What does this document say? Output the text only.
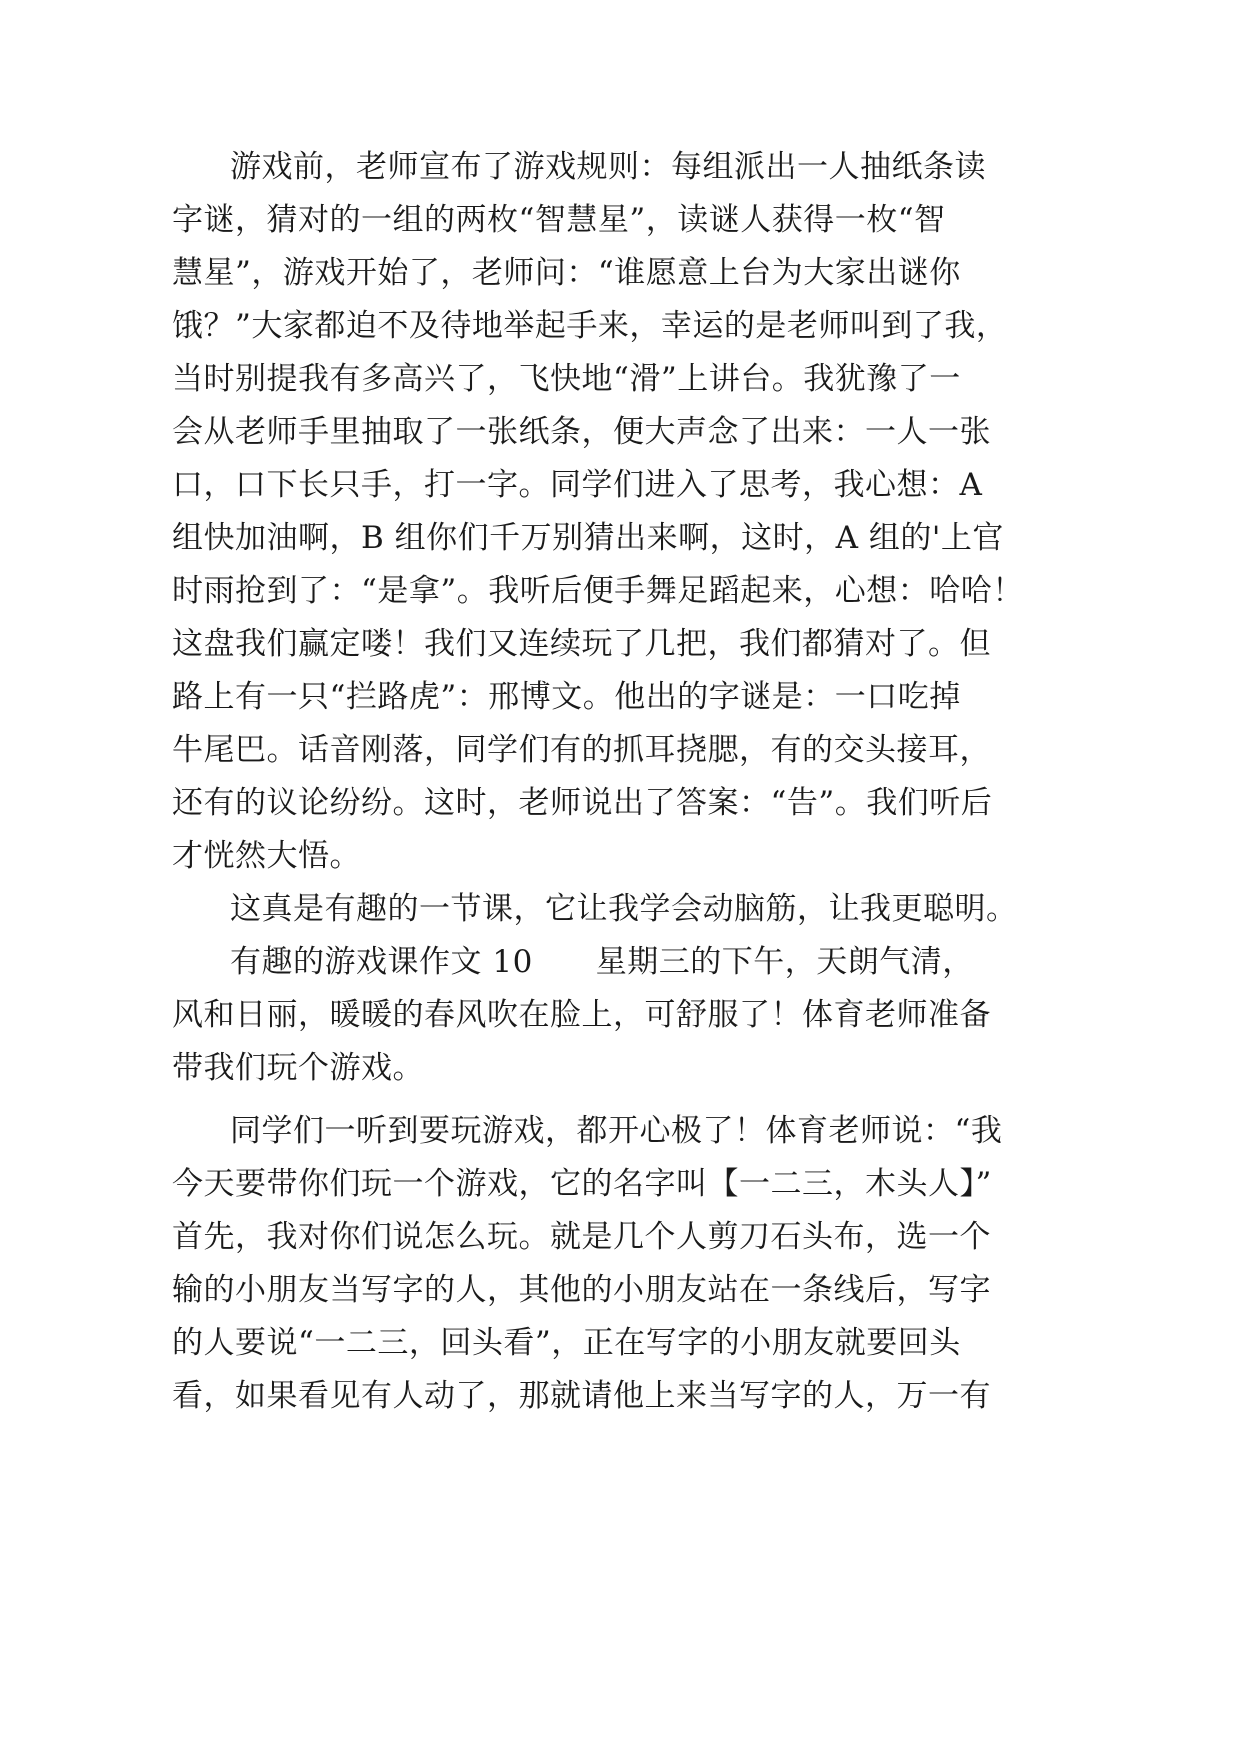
游戏前，老师宣布了游戏规则：每组派出一人抽纸条读
字谜，猜对的一组的两枚“智慧星”，读谜人获得一枚“智
慧星”，游戏开始了，老师问：“谁愿意上台为大家出谜你
饿？”大家都迫不及待地举起手来，幸运的是老师叫到了我，
当时别提我有多高兴了，飞快地“滑”上讲台。我犹豫了一
会从老师手里抽取了一张纸条，便大声念了出来：一人一张
口，口下长只手，打一字。同学们进入了思考，我心想：A
组快加油啊，B 组你们千万别猜出来啊，这时，A 组的'上官
时雨抢到了：“是拿”。我听后便手舞足蹈起来，心想：哈哈！
这盘我们赢定喽！我们又连续玩了几把，我们都猜对了。但
路上有一只“拦路虎”：邢博文。他出的字谜是：一口吃掉
牛尾巴。话音刚落，同学们有的抓耳挠腮，有的交头接耳，
还有的议论纷纷。这时，老师说出了答案：“告”。我们听后
才恍然大悟。
这真是有趣的一节课，它让我学会动脑筋，让我更聪明。
有趣的游戏课作文 10　　星期三的下午，天朗气清，
风和日丽，暖暖的春风吹在脸上，可舒服了！体育老师准备
带我们玩个游戏。
同学们一听到要玩游戏，都开心极了！体育老师说：“我
今天要带你们玩一个游戏，它的名字叫【一二三，木头人】”
首先，我对你们说怎么玩。就是几个人剪刀石头布，选一个
输的小朋友当写字的人，其他的小朋友站在一条线后，写字
的人要说“一二三，回头看”，正在写字的小朋友就要回头
看，如果看见有人动了，那就请他上来当写字的人，万一有
